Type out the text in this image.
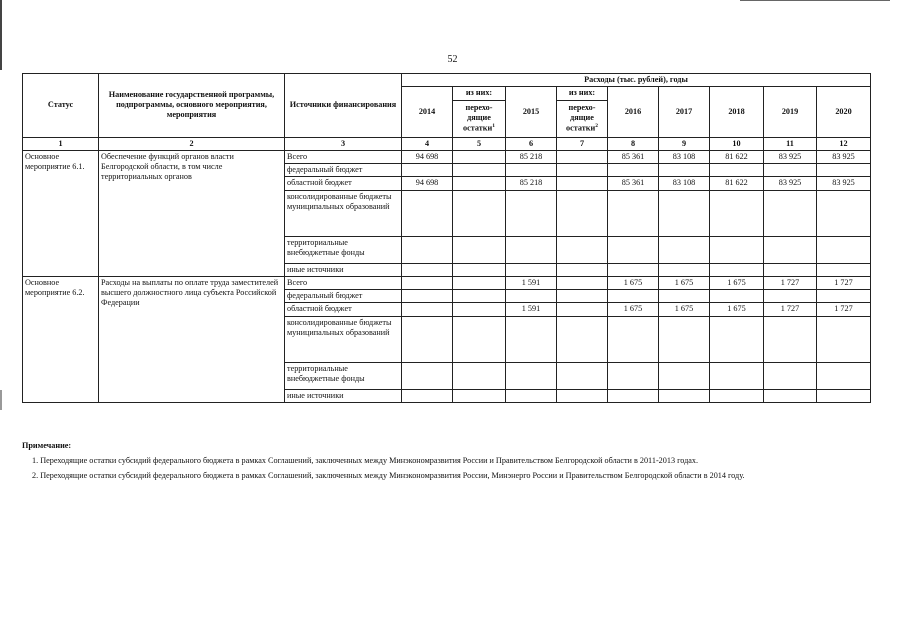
52
Статус	Наименование государственной программы, подпрограммы, основного мероприятия, мероприятия	Источники финансирования	Расходы (тыс. рублей), годы								
			2014	из них:	2015	из них:	2016	2017	2018	2019	2020
				перехо-дящие остатки$^1$		перехо-дящие остатки$^2$
1	2	3	4	5	6	7	8	9	10	11	12
Основное мероприятие 6.1.	Обеспечение функций органов власти Белгородской области, в том числе территориальных органов	Всего	94 698		85 218		85 361	83 108	81 622	83 925	83 925
		федеральный бюджет									
		областной бюджет	94 698		85 218		85 361	83 108	81 622	83 925	83 925
		консолидированные бюджеты муниципальных образований									
		территориальные внебюджетные фонды									
		иные источники									
Основное мероприятие 6.2.	Расходы на выплаты по оплате труда заместителей высшего должностного лица субъекта Российской Федерации	Всего			1 591		1 675	1 675	1 675	1 727	1 727
		федеральный бюджет									
		областной бюджет			1 591		1 675	1 675	1 675	1 727	1 727
		консолидированные бюджеты муниципальных образований									
		территориальные внебюджетные фонды									
		иные источники									
Примечание:

1. Переходящие остатки субсидий федерального бюджета в рамках Соглашений, заключенных между Минэкономразвития России и Правительством Белгородской области в 2011-2013 годах.

2. Переходящие остатки субсидий федерального бюджета в рамках Соглашений, заключенных между Минэкономразвития России, Минэнерго России и Правительством Белгородской области в 2014 году.
